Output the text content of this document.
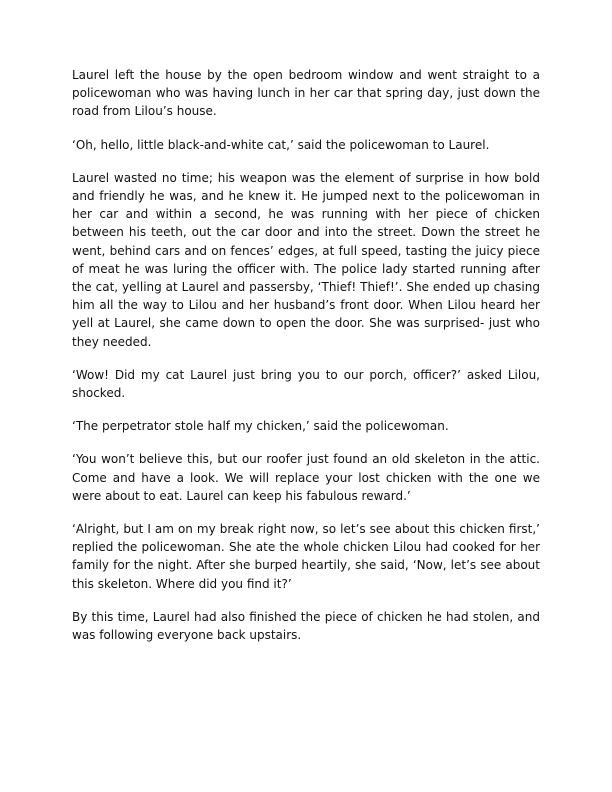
Laurel left the house by the open bedroom window and went straight to a policewoman who was having lunch in her car that spring day, just down the road from Lilou’s house.

‘Oh, hello, little black-and-white cat,’ said the policewoman to Laurel.

Laurel wasted no time; his weapon was the element of surprise in how bold and friendly he was, and he knew it. He jumped next to the policewoman in her car and within a second, he was running with her piece of chicken between his teeth, out the car door and into the street. Down the street he went, behind cars and on fences’ edges, at full speed, tasting the juicy piece of meat he was luring the officer with. The police lady started running after the cat, yelling at Laurel and passersby, ‘Thief! Thief!’. She ended up chasing him all the way to Lilou and her husband’s front door. When Lilou heard her yell at Laurel, she came down to open the door. She was surprised- just who they needed.

‘Wow! Did my cat Laurel just bring you to our porch, officer?’ asked Lilou, shocked.

‘The perpetrator stole half my chicken,’ said the policewoman.

‘You won’t believe this, but our roofer just found an old skeleton in the attic. Come and have a look. We will replace your lost chicken with the one we were about to eat. Laurel can keep his fabulous reward.’

‘Alright, but I am on my break right now, so let’s see about this chicken first,’ replied the policewoman. She ate the whole chicken Lilou had cooked for her family for the night. After she burped heartily, she said, ‘Now, let’s see about this skeleton. Where did you find it?’

By this time, Laurel had also finished the piece of chicken he had stolen, and was following everyone back upstairs.
